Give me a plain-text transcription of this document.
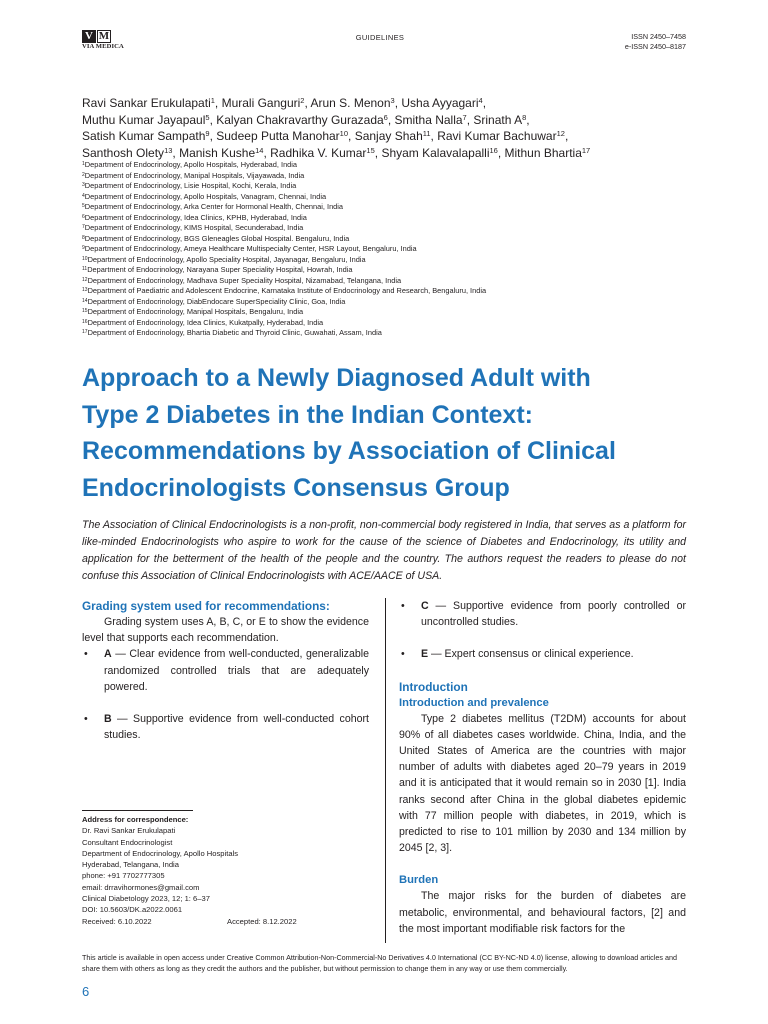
V M
VIA MEDICA
GUIDELINES	ISSN 2450–7458
e-ISSN 2450–8187
Ravi Sankar Erukulapati$^1$, Murali Ganguri$^2$, Arun S. Menon$^3$, Usha Ayyagari$^4$,
Muthu Kumar Jayapaul$^5$, Kalyan Chakravarthy Gurazada$^6$, Smitha Nalla$^7$, Srinath $A^8$,
Satish Kumar Sampath$^9$, Sudeep Putta Manohar$^{10}$, Sanjay Shah$^{11}$, Ravi Kumar Bachuwar$^{12}$,
Santhosh Olety$^{13}$, Manish Kushe$^{14}$, Radhika V. Kumar$^{15}$, Shyam Kalavalapalli$^{16}$, Mithun Bhartia$^{17}$
$^1$Department of Endocrinology, Apollo Hospitals, Hyderabad, India
$^2$Department of Endocrinology, Manipal Hospitals, Vijayawada, India
$^3$Department of Endocrinology, Lisie Hospital, Kochi, Kerala, India
$^4$Department of Endocrinology, Apollo Hospitals, Vanagram, Chennai, India
$^5$Department of Endocrinology, Arka Center for Hormonal Health, Chennai, India
$^6$Department of Endocrinology, Idea Clinics, KPHB, Hyderabad, India
$^7$Department of Endocrinology, KIMS Hospital, Secunderabad, India
$^8$Department of Endocrinology, BGS Gleneagles Global Hospital. Bengaluru, India
$^9$Department of Endocrinology, Ameya Healthcare Multispecialty Center, HSR Layout, Bengaluru, India
$^{10}$Department of Endocrinology, Apollo Speciality Hospital, Jayanagar, Bengaluru, India
$^{11}$Department of Endocrinology, Narayana Super Speciality Hospital, Howrah, India
$^{12}$Department of Endocrinology, Madhava Super Speciality Hospital, Nizamabad, Telangana, India
$^{13}$Department of Paediatric and Adolescent Endocrine, Karnataka Institute of Endocrinology and Research, Bengaluru, India
$^{14}$Department of Endocrinology, DiabEndocare SuperSpeciality Clinic, Goa, India
$^{15}$Department of Endocrinology, Manipal Hospitals, Bengaluru, India
$^{16}$Department of Endocrinology, Idea Clinics, Kukatpally, Hyderabad, India
$^{17}$Department of Endocrinology, Bhartia Diabetic and Thyroid Clinic, Guwahati, Assam, India
Approach to a Newly Diagnosed Adult with
Type 2 Diabetes in the Indian Context:
Recommendations by Association of Clinical
Endocrinologists Consensus Group
The Association of Clinical Endocrinologists is a non-profit, non-commercial body registered in India, that serves as a platform for like-minded Endocrinologists who aspire to work for the cause of the science of Diabetes and Endocrinology, its utility and application for the betterment of the health of the people and the country. The authors request the readers to please do not confuse this Association of Clinical Endocrinologists with ACE/AACE of USA.
Grading system used for recommendations:
Grading system uses A, B, C, or E to show the evidence level that supports each recommendation.
• A — Clear evidence from well-conducted, generalizable randomized controlled trials that are adequately powered.
• B — Supportive evidence from well-conducted cohort studies.
• C — Supportive evidence from poorly controlled or uncontrolled studies.
• E — Expert consensus or clinical experience.
Introduction
Introduction and prevalence
Type 2 diabetes mellitus (T2DM) accounts for about 90% of all diabetes cases worldwide. China, India, and the United States of America are the countries with major number of adults with diabetes aged 20–79 years in 2019 and it is anticipated that it would remain so in 2030 [1]. India ranks second after China in the global diabetes epidemic with 77 million people with diabetes, in 2019, which is predicted to rise to 101 million by 2030 and 134 million by 2045 [2, 3].
Burden
The major risks for the burden of diabetes are metabolic, environmental, and behavioural factors, [2] and the most important modifiable risk factors for the
Address for correspondence:
Dr. Ravi Sankar Erukulapati
Consultant Endocrinologist
Department of Endocrinology, Apollo Hospitals
Hyderabad, Telangana, India
phone: +91 7702777305
email: drravihormones@gmail.com
Clinical Diabetology 2023, 12; 1: 6–37
DOI: 10.5603/DK.a2022.0061
Received: 6.10.2022	Accepted: 8.12.2022
This article is available in open access under Creative Common Attribution-Non-Commercial-No Derivatives 4.0 International (CC BY-NC-ND 4.0) license, allowing to download articles and share them with others as long as they credit the authors and the publisher, but without permission to change them in any way or use them commercially.
6
